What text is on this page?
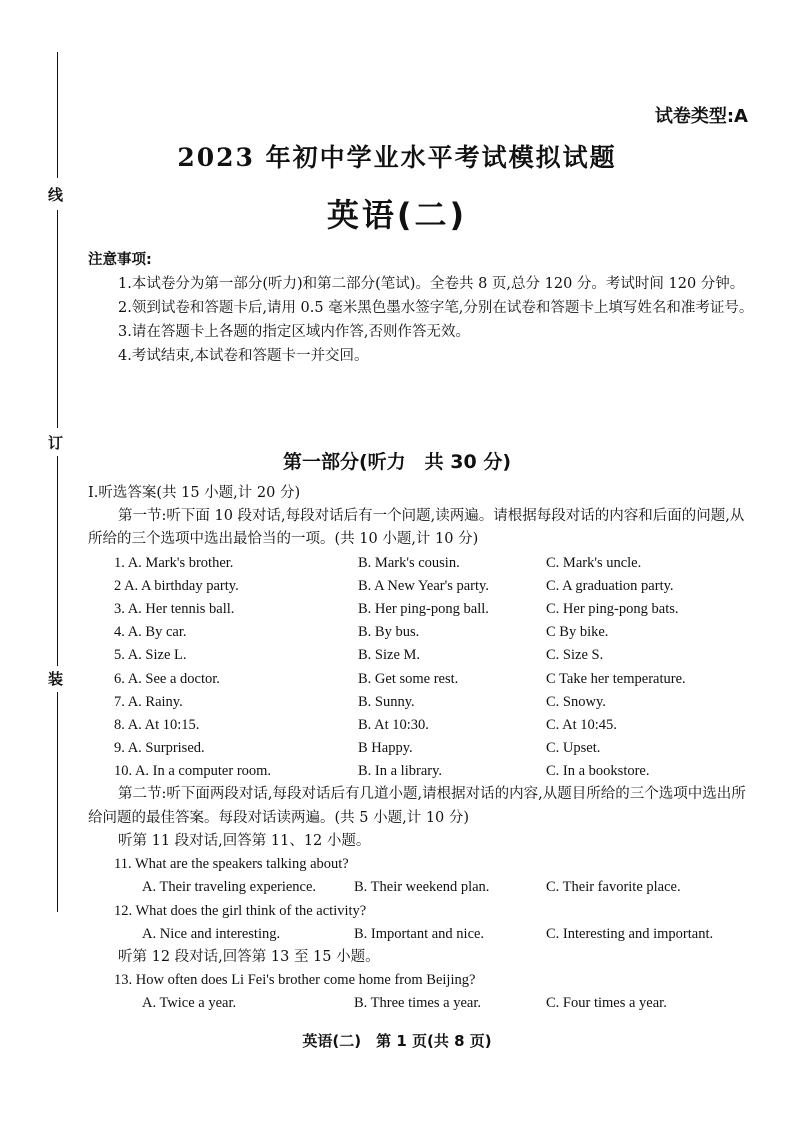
线
订
装
试卷类型:A
2023 年初中学业水平考试模拟试题
英语(二)
注意事项:
1.本试卷分为第一部分(听力)和第二部分(笔试)。全卷共 8 页,总分 120 分。考试时间 120 分钟。
2.领到试卷和答题卡后,请用 0.5 毫米黑色墨水签字笔,分别在试卷和答题卡上填写姓名和准考证号。
3.请在答题卡上各题的指定区域内作答,否则作答无效。
4.考试结束,本试卷和答题卡一并交回。
第一部分(听力　共 30 分)
Ⅰ.听选答案(共 15 小题,计 20 分)
第一节:听下面 10 段对话,每段对话后有一个问题,读两遍。请根据每段对话的内容和后面的问题,从所给的三个选项中选出最恰当的一项。(共 10 小题,计 10 分)
1. A. Mark's brother.	B. Mark's cousin.	C. Mark's uncle.
2 A. A birthday party.	B. A New Year's party.	C. A graduation party.
3. A. Her tennis ball.	B. Her ping-pong ball.	C. Her ping-pong bats.
4. A. By car.	B. By bus.	C By bike.
5. A. Size L.	B. Size M.	C. Size S.
6. A. See a doctor.	B. Get some rest.	C Take her temperature.
7. A. Rainy.	B. Sunny.	C. Snowy.
8. A. At 10:15.	B. At 10:30.	C. At 10:45.
9. A. Surprised.	B Happy.	C. Upset.
10. A. In a computer room.	B. In a library.	C. In a bookstore.
第二节:听下面两段对话,每段对话后有几道小题,请根据对话的内容,从题目所给的三个选项中选出所给问题的最佳答案。每段对话读两遍。(共 5 小题,计 10 分)
听第 11 段对话,回答第 11、12 小题。
11. What are the speakers talking about?
A. Their traveling experience.	B. Their weekend plan.	C. Their favorite place.
12. What does the girl think of the activity?
A. Nice and interesting.	B. Important and nice.	C. Interesting and important.
听第 12 段对话,回答第 13 至 15 小题。
13. How often does Li Fei's brother come home from Beijing?
A. Twice a year.	B. Three times a year.	C. Four times a year.
英语(二)　第 1 页(共 8 页)
